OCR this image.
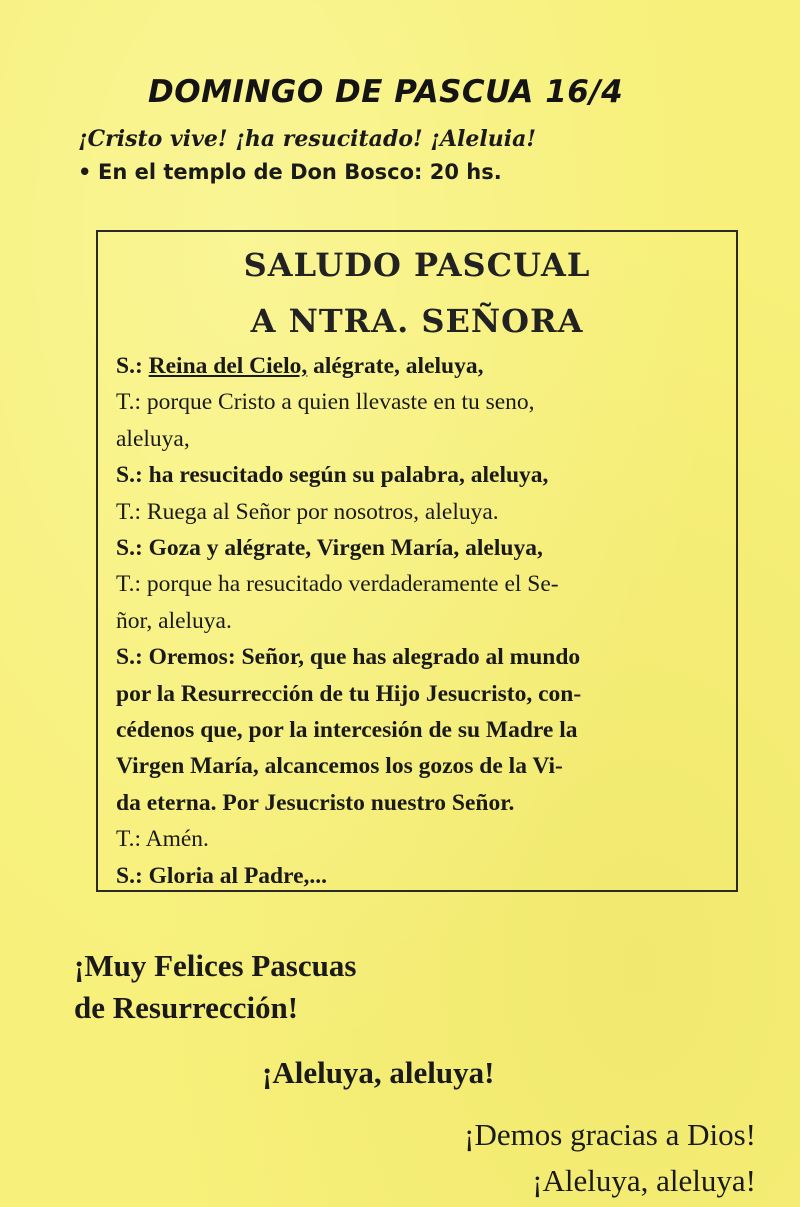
DOMINGO DE PASCUA 16/4
¡Cristo vive! ¡ha resucitado! ¡Aleluia!
• En el templo de Don Bosco: 20 hs.
SALUDO PASCUAL
A NTRA. SEÑORA
S.: Reina del Cielo, alégrate, aleluya,
T.: porque Cristo a quien llevaste en tu seno,
aleluya,
S.: ha resucitado según su palabra, aleluya,
T.: Ruega al Señor por nosotros, aleluya.
S.: Goza y alégrate, Virgen María, aleluya,
T.: porque ha resucitado verdaderamente el Se-
ñor, aleluya.
S.: Oremos: Señor, que has alegrado al mundo
por la Resurrección de tu Hijo Jesucristo, con-
cédenos que, por la intercesión de su Madre la
Virgen María, alcancemos los gozos de la Vi-
da eterna. Por Jesucristo nuestro Señor.
T.: Amén.
S.: Gloria al Padre,...
¡Muy Felices Pascuas
de Resurrección!
¡Aleluya, aleluya!
¡Demos gracias a Dios!
¡Aleluya, aleluya!
